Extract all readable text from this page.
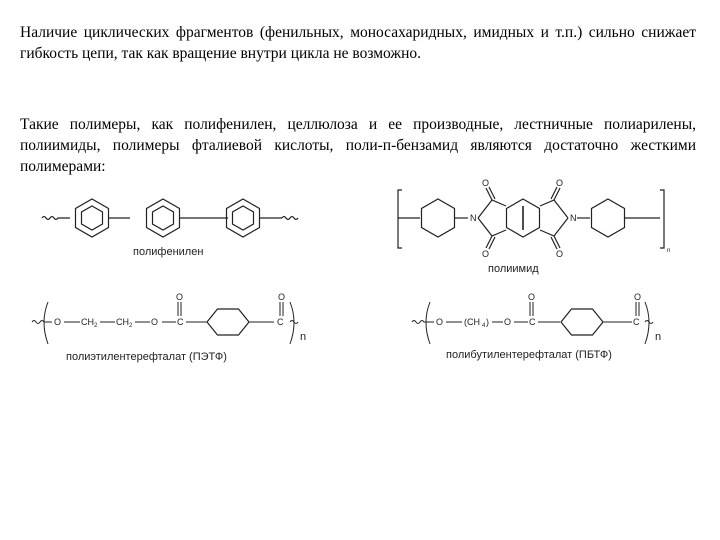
Наличие циклических фрагментов (фенильных, моносахаридных, имидных и т.п.) сильно снижает гибкость цепи, так как вращение внутри цикла не возможно.

Такие полимеры, как полифенилен, целлюлоза и ее производные, лестничные полиарилены, полиимиды, полимеры фталиевой кислоты, поли-п-бензамид являются достаточно жесткими полимерами:

полифенилен
N	N
O
O
O
O	n
полиимид
O CH 2 CH 2 O C
O
C
O
n
полиэтилентерефталат (ПЭТФ)
O (CH 4 ) O C
O
C
O
n
полибутилентерефталат (ПБТФ)
